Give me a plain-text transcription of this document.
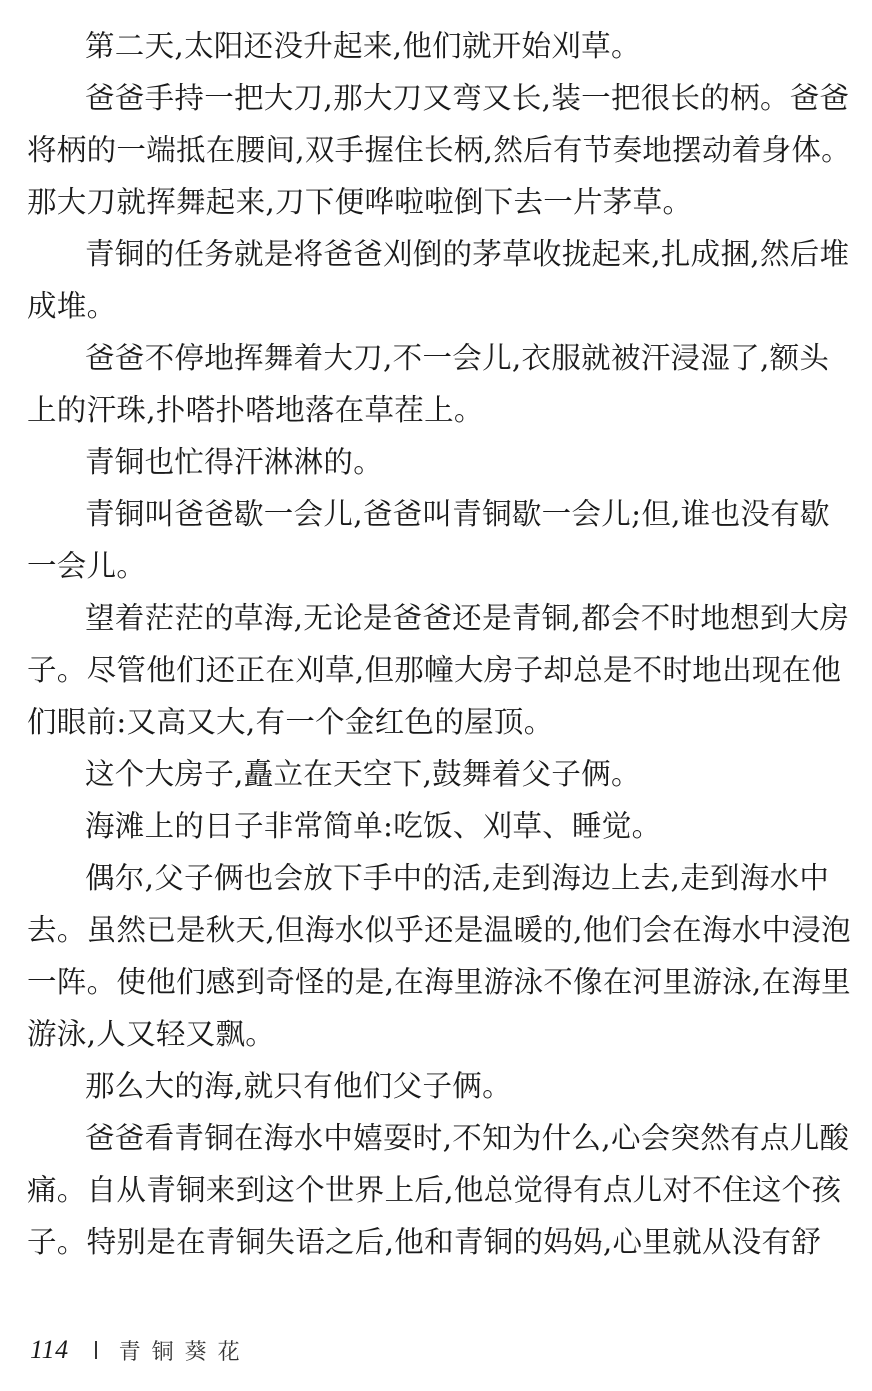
第二天,太阳还没升起来,他们就开始刈草。
爸爸手持一把大刀,那大刀又弯又长,装一把很长的柄。爸爸
将柄的一端抵在腰间,双手握住长柄,然后有节奏地摆动着身体。
那大刀就挥舞起来,刀下便哗啦啦倒下去一片茅草。
青铜的任务就是将爸爸刈倒的茅草收拢起来,扎成捆,然后堆
成堆。
爸爸不停地挥舞着大刀,不一会儿,衣服就被汗浸湿了,额头
上的汗珠,扑嗒扑嗒地落在草茬上。
青铜也忙得汗淋淋的。
青铜叫爸爸歇一会儿,爸爸叫青铜歇一会儿;但,谁也没有歇
一会儿。
望着茫茫的草海,无论是爸爸还是青铜,都会不时地想到大房
子。尽管他们还正在刈草,但那幢大房子却总是不时地出现在他
们眼前:又高又大,有一个金红色的屋顶。
这个大房子,矗立在天空下,鼓舞着父子俩。
海滩上的日子非常简单:吃饭、刈草、睡觉。
偶尔,父子俩也会放下手中的活,走到海边上去,走到海水中
去。虽然已是秋天,但海水似乎还是温暖的,他们会在海水中浸泡
一阵。使他们感到奇怪的是,在海里游泳不像在河里游泳,在海里
游泳,人又轻又飘。
那么大的海,就只有他们父子俩。
爸爸看青铜在海水中嬉耍时,不知为什么,心会突然有点儿酸
痛。自从青铜来到这个世界上后,他总觉得有点儿对不住这个孩
子。特别是在青铜失语之后,他和青铜的妈妈,心里就从没有舒
114 青铜葵花
